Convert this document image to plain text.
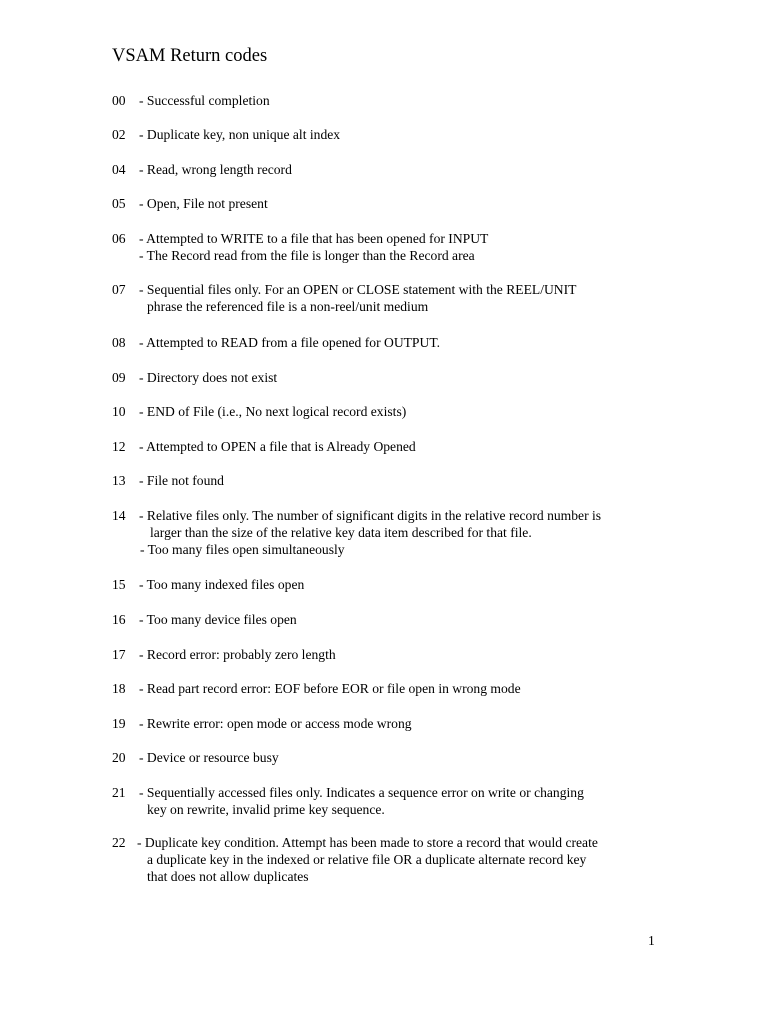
VSAM Return codes
00 - Successful completion
02 - Duplicate key, non unique alt index
04 - Read, wrong length record
05 - Open, File not present
06 - Attempted to WRITE to a file that has been opened for INPUT
- The Record read from the file is longer than the Record area
07 - Sequential files only. For an OPEN or CLOSE statement with the REEL/UNIT
phrase the referenced file is a non-reel/unit medium
08 - Attempted to READ from a file opened for OUTPUT.
09 - Directory does not exist
10 - END of File (i.e., No next logical record exists)
12 - Attempted to OPEN a file that is Already Opened
13 - File not found
14 - Relative files only. The number of significant digits in the relative record number is
larger than the size of the relative key data item described for that file.
- Too many files open simultaneously
15 - Too many indexed files open
16 - Too many device files open
17 - Record error: probably zero length
18 - Read part record error: EOF before EOR or file open in wrong mode
19 - Rewrite error: open mode or access mode wrong
20 - Device or resource busy
21 - Sequentially accessed files only. Indicates a sequence error on write or changing
key on rewrite, invalid prime key sequence.
22 - Duplicate key condition. Attempt has been made to store a record that would create
a duplicate key in the indexed or relative file OR a duplicate alternate record key
that does not allow duplicates
1
